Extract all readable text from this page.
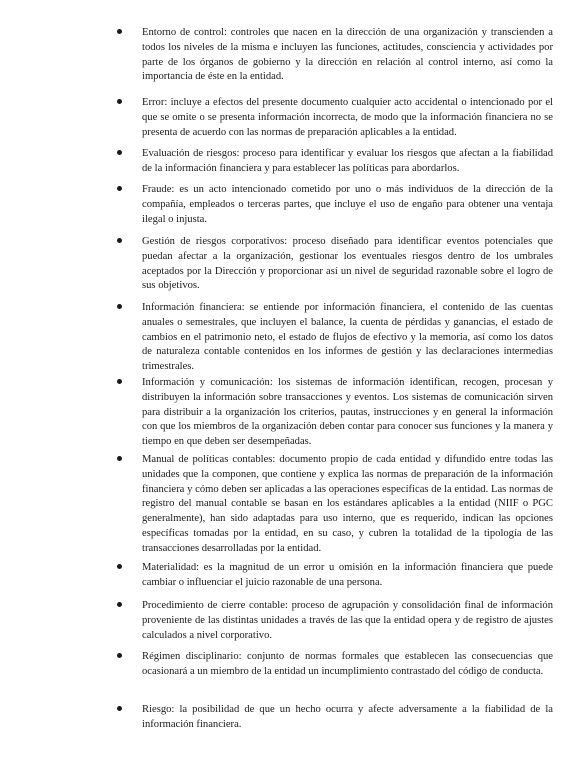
Entorno de control: controles que nacen en la dirección de una organización y transcienden a todos los niveles de la misma e incluyen las funciones, actitudes, consciencia y actividades por parte de los órganos de gobierno y la dirección en relación al control interno, así como la importancia de éste en la entidad.

Error: incluye a efectos del presente documento cualquier acto accidental o intencionado por el que se omite o se presenta información incorrecta, de modo que la información financiera no se presenta de acuerdo con las normas de preparación aplicables a la entidad.

Evaluación de riesgos: proceso para identificar y evaluar los riesgos que afectan a la fiabilidad de la información financiera y para establecer las políticas para abordarlos.

Fraude: es un acto intencionado cometido por uno o más individuos de la dirección de la compañía, empleados o terceras partes, que incluye el uso de engaño para obtener una ventaja ilegal o injusta.

Gestión de riesgos corporativos: proceso diseñado para identificar eventos potenciales que puedan afectar a la organización, gestionar los eventuales riesgos dentro de los umbrales aceptados por la Dirección y proporcionar así un nivel de seguridad razonable sobre el logro de sus objetivos.

Información financiera: se entiende por información financiera, el contenido de las cuentas anuales o semestrales, que incluyen el balance, la cuenta de pérdidas y ganancias, el estado de cambios en el patrimonio neto, el estado de flujos de efectivo y la memoria, así como los datos de naturaleza contable contenidos en los informes de gestión y las declaraciones intermedias trimestrales.

Información y comunicación: los sistemas de información identifican, recogen, procesan y distribuyen la información sobre transacciones y eventos. Los sistemas de comunicación sirven para distribuir a la organización los criterios, pautas, instrucciones y en general la información con que los miembros de la organización deben contar para conocer sus funciones y la manera y tiempo en que deben ser desempeñadas.

Manual de políticas contables: documento propio de cada entidad y difundido entre todas las unidades que la componen, que contiene y explica las normas de preparación de la información financiera y cómo deben ser aplicadas a las operaciones específicas de la entidad. Las normas de registro del manual contable se basan en los estándares aplicables a la entidad (NIIF o PGC generalmente), han sido adaptadas para uso interno, que es requerido, indican las opciones específicas tomadas por la entidad, en su caso, y cubren la totalidad de la tipología de las transacciones desarrolladas por la entidad.

Materialidad: es la magnitud de un error u omisión en la información financiera que puede cambiar o influenciar el juicio razonable de una persona.

Procedimiento de cierre contable: proceso de agrupación y consolidación final de información proveniente de las distintas unidades a través de las que la entidad opera y de registro de ajustes calculados a nivel corporativo.

Régimen disciplinario: conjunto de normas formales que establecen las consecuencias que ocasionará a un miembro de la entidad un incumplimiento contrastado del código de conducta.

Riesgo: la posibilidad de que un hecho ocurra y afecte adversamente a la fiabilidad de la información financiera.
